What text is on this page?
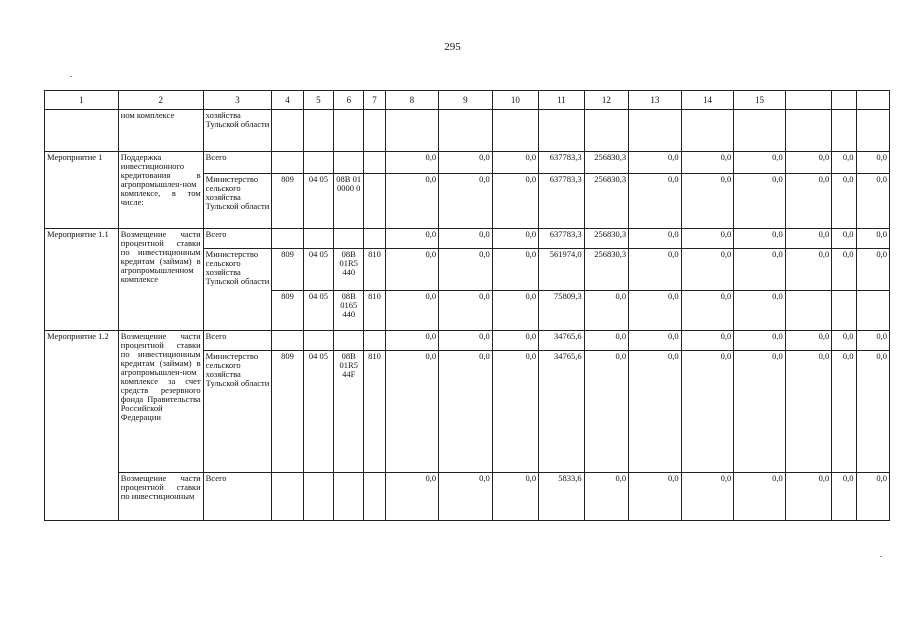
295
1	2	3	4	5	6	7	8	9	10	11	12	13	14	15			
	ном комплексе	хозяйства Тульской области															
Мероприятие 1	Поддержка инвестиционного кредитования в агропромышлен-ном комплексе, в том числе:	Всего					0,0	0,0	0,0	637783,3	256830,3	0,0	0,0	0,0	0,0	0,0	0,0
		Министерство сельского хозяйства Тульской области	809	04 05	08B 01 0000 0		0,0	0,0	0,0	637783,3	256830,3	0,0	0,0	0,0	0,0	0,0	0,0
Мероприятие 1.1	Возмещение части процентной ставки по инвестиционным кредитам (займам) в агропромышленном комплексе	Всего					0,0	0,0	0,0	637783,3	256830,3	0,0	0,0	0,0	0,0	0,0	0,0
		Министерство сельского хозяйства Тульской области	809	04 05	08B 01R5 440	810	0,0	0,0	0,0	561974,0	256830,3	0,0	0,0	0,0	0,0	0,0	0,0
			809	04 05	08B 0165 440	810	0,0	0,0	0,0	75809,3	0,0	0,0	0,0	0,0			
Мероприятие 1.2	Возмещение части процентной ставки по инвестиционным кредитам (займам) в агропромышлен-ном комплексе за счет средств резервного фонда Правительства Российской Федерации	Всего					0,0	0,0	0,0	34765,6	0,0	0,0	0,0	0,0	0,0	0,0	0,0
		Министерство сельского хозяйства Тульской области	809	04 05	08B 01R5 44F	810	0,0	0,0	0,0	34765,6	0,0	0,0	0,0	0,0	0,0	0,0	0,0
	Возмещение части процентной ставки по инвестиционным	Всего					0,0	0,0	0,0	5833,6	0,0	0,0	0,0	0,0	0,0	0,0	0,0
